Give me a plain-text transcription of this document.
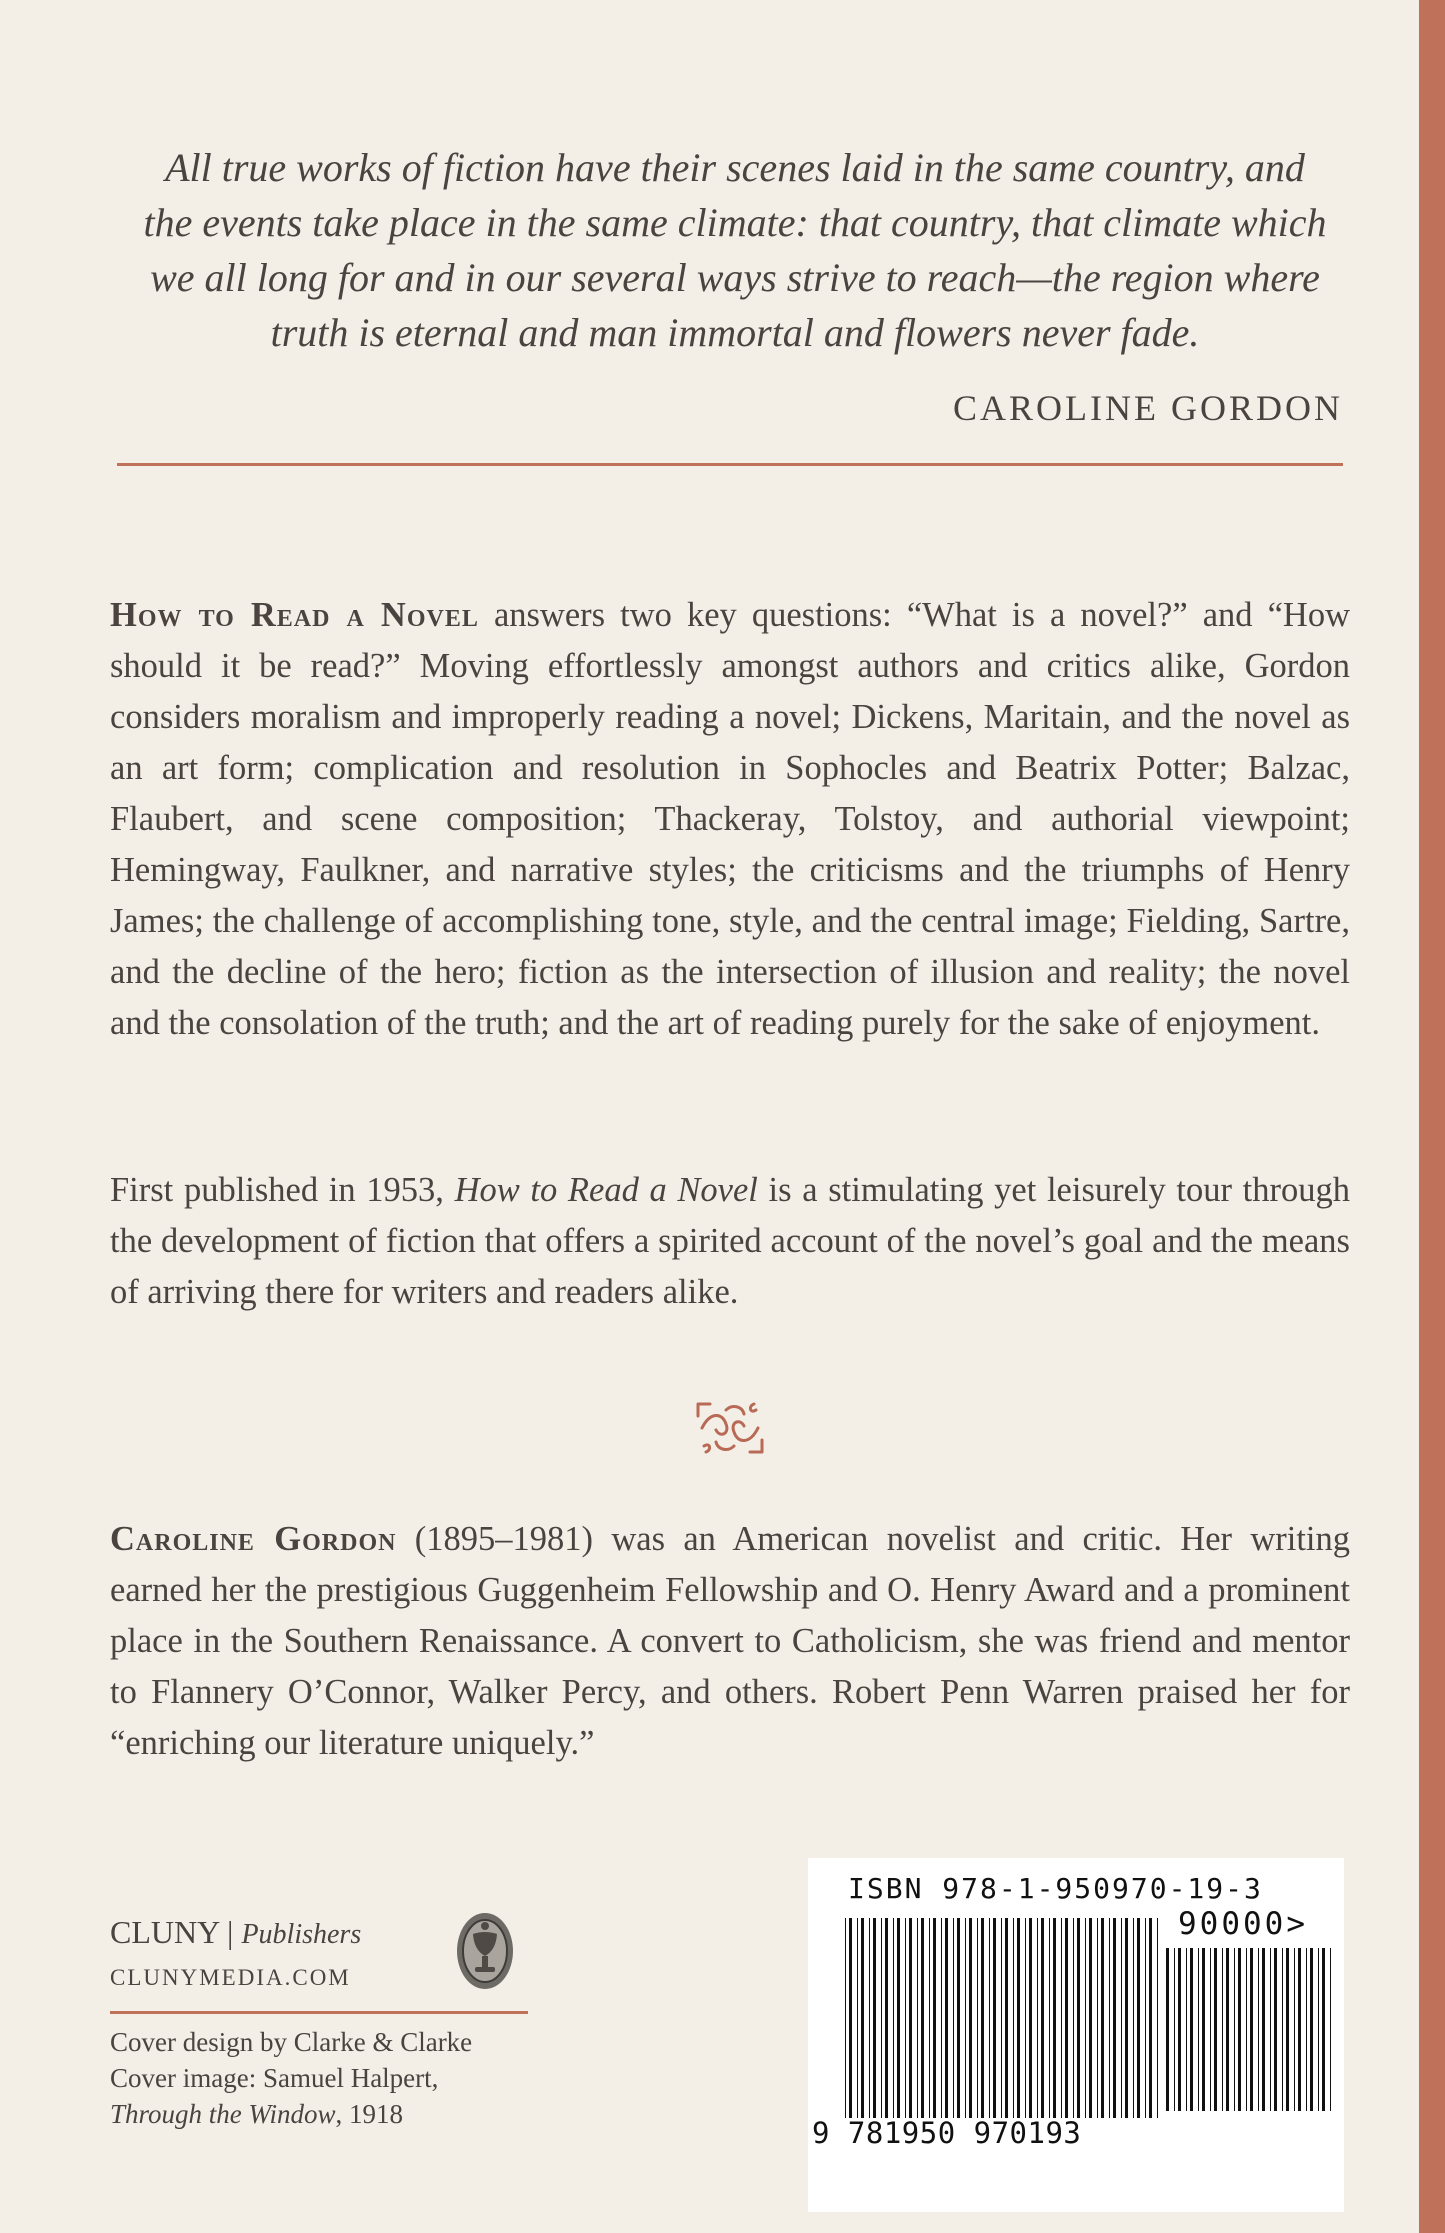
All true works of fiction have their scenes laid in the same country, and

the events take place in the same climate: that country, that climate which

we all long for and in our several ways strive to reach—the region where

truth is eternal and man immortal and flowers never fade.

CAROLINE GORDON

How to Read a Novel answers two key questions: “What is a novel?” and “How should it be read?” Moving effortlessly amongst authors and critics alike, Gordon considers moralism and improperly reading a novel; Dickens, Maritain, and the novel as an art form; complication and resolution in Sophocles and Beatrix Potter; Balzac, Flaubert, and scene composition; Thackeray, Tolstoy, and authorial viewpoint; Hemingway, Faulkner, and narrative styles; the criticisms and the triumphs of Henry James; the challenge of accomplishing tone, style, and the central image; Fielding, Sartre, and the decline of the hero; fiction as the intersection of illusion and reality; the novel and the consolation of the truth; and the art of reading purely for the sake of enjoyment.

First published in 1953, How to Read a Novel is a stimulating yet leisurely tour through the development of fiction that offers a spirited account of the novel’s goal and the means of arriving there for writers and readers alike.

Caroline Gordon (1895–1981) was an American novelist and critic. Her writing earned her the prestigious Guggenheim Fellowship and O. Henry Award and a prominent place in the Southern Renaissance. A convert to Catholicism, she was friend and mentor to Flannery O’Connor, Walker Percy, and others. Robert Penn Warren praised her for “enriching our literature uniquely.”

CLUNY | Publishers
CLUNYMEDIA.COM
Cover design by Clarke & Clarke
Cover image: Samuel Halpert,
Through the Window, 1918
ISBN 978-1-950970-19-3
90000>
9 781950 970193
